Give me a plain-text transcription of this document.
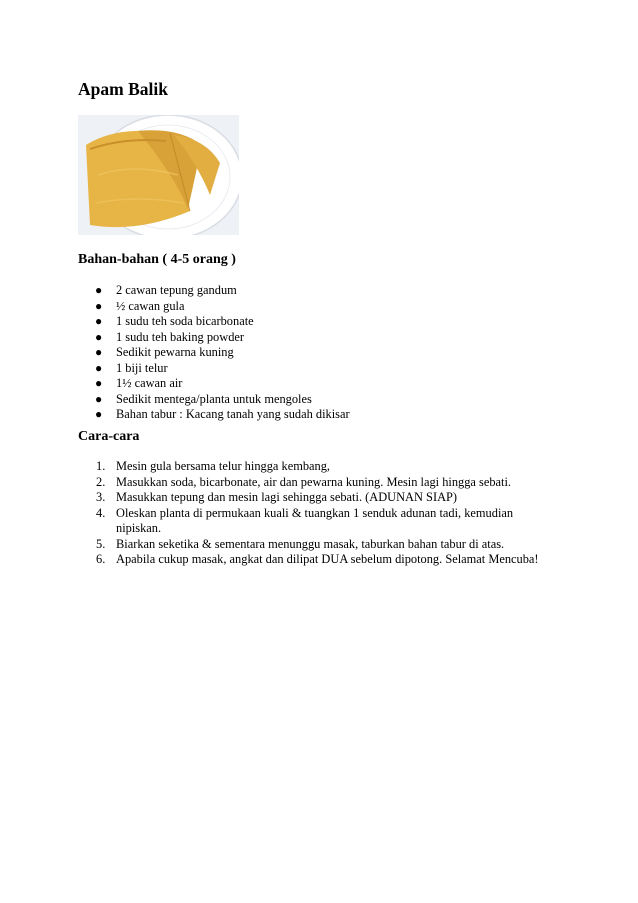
Apam Balik
Bahan-bahan ( 4-5 orang )
● 2 cawan tepung gandum
● ½ cawan gula
● 1 sudu teh soda bicarbonate
● 1 sudu teh baking powder
● Sedikit pewarna kuning
● 1 biji telur
● 1½ cawan air
● Sedikit mentega/planta untuk mengoles
● Bahan tabur : Kacang tanah yang sudah dikisar
Cara-cara
1. Mesin gula bersama telur hingga kembang,
2. Masukkan soda, bicarbonate, air dan pewarna kuning. Mesin lagi hingga sebati.
3. Masukkan tepung dan mesin lagi sehingga sebati. (ADUNAN SIAP)
4. Oleskan planta di permukaan kuali & tuangkan 1 senduk adunan tadi, kemudian nipiskan.
5. Biarkan seketika & sementara menunggu masak, taburkan bahan tabur di atas.
6. Apabila cukup masak, angkat dan dilipat DUA sebelum dipotong. Selamat Mencuba!
